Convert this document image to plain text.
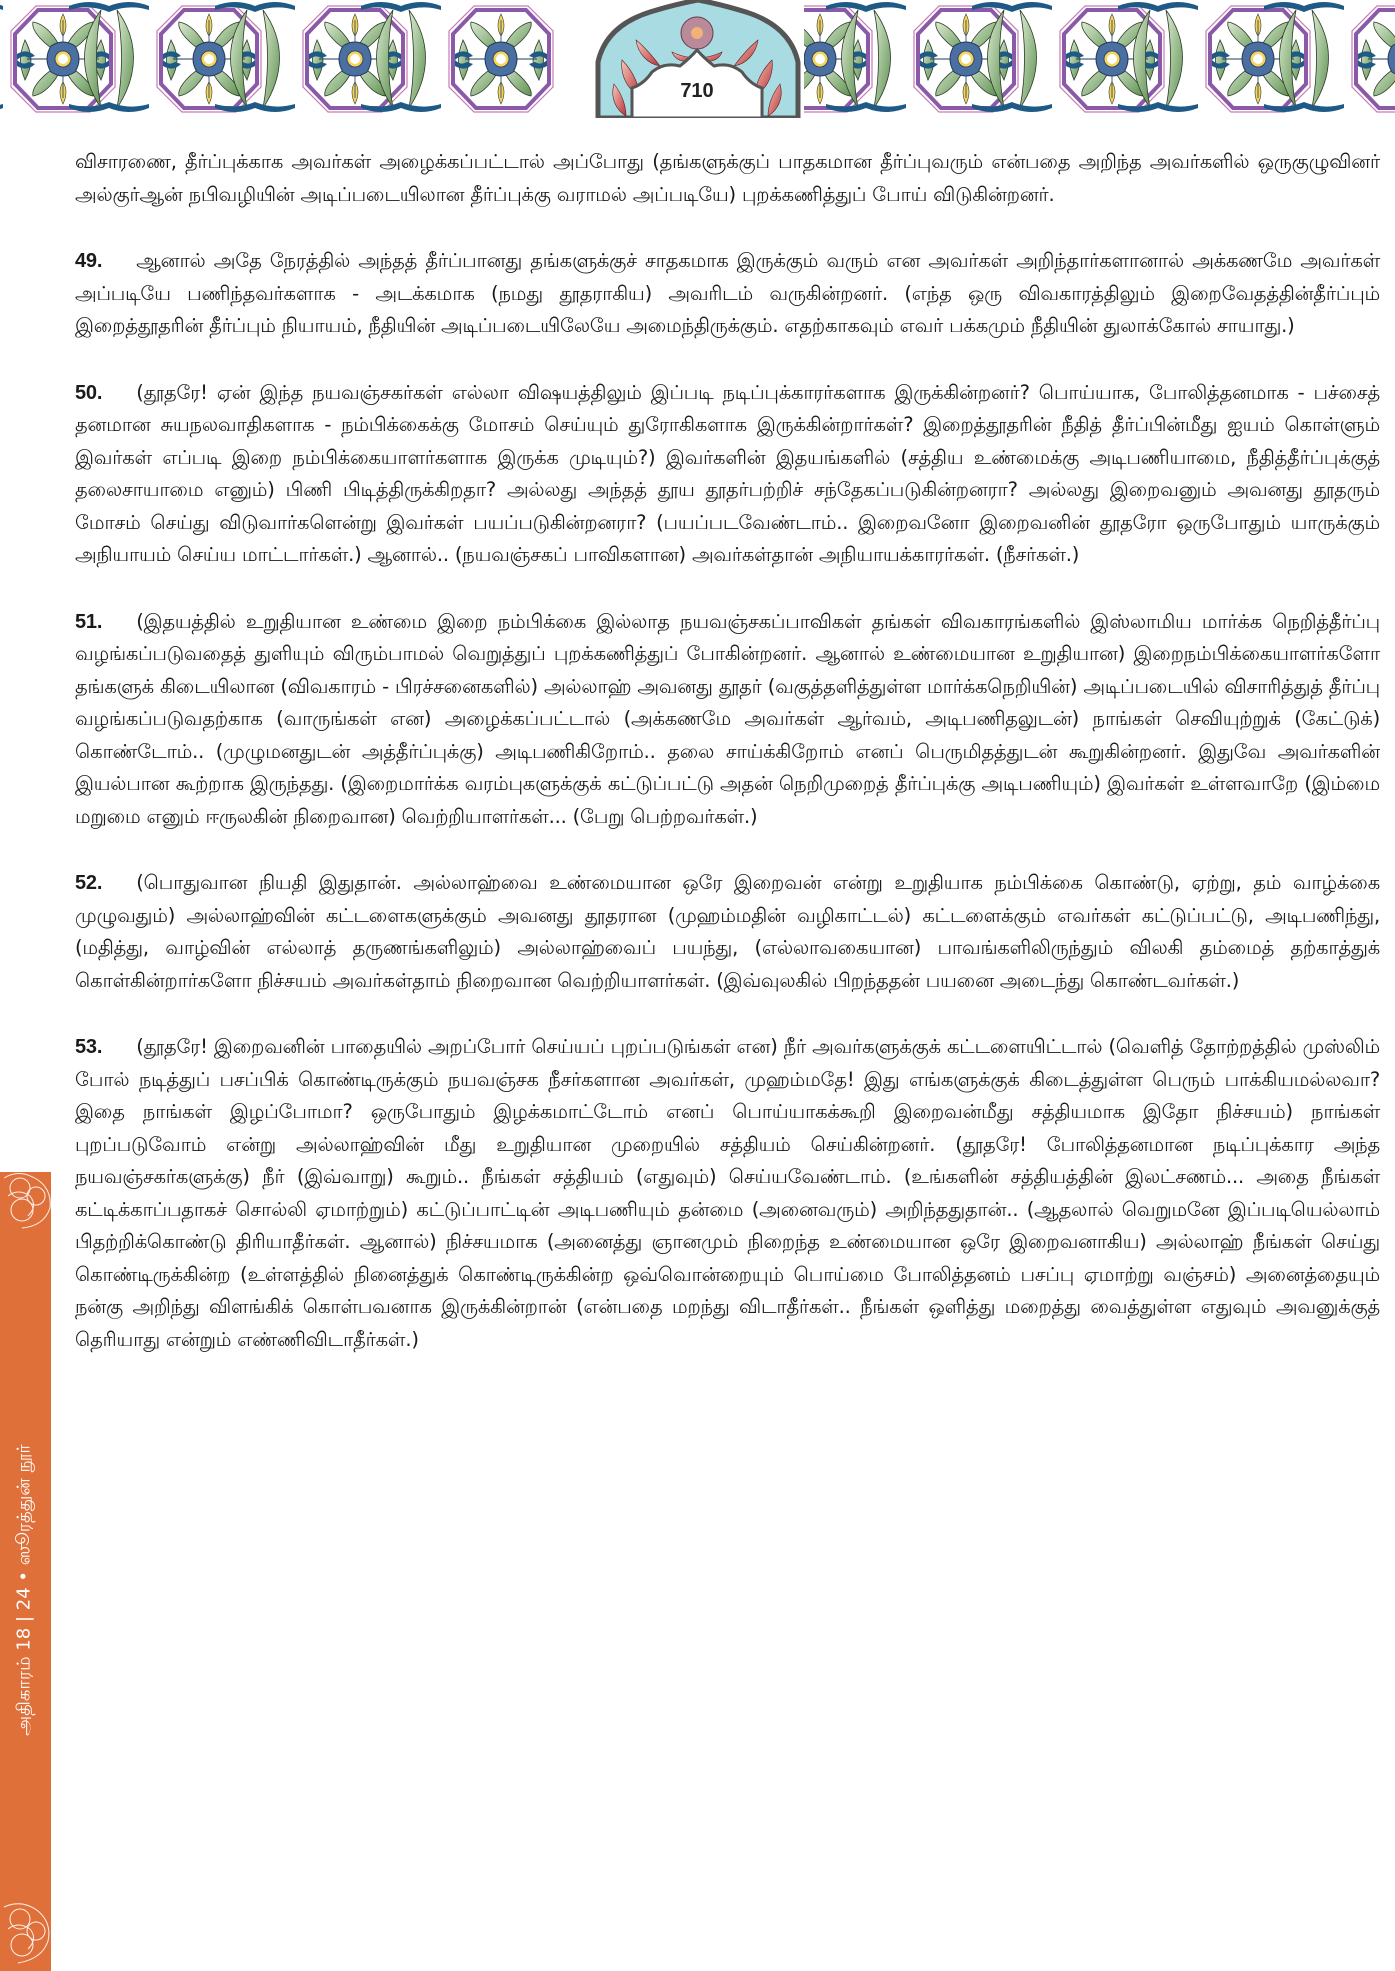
710

விசாரணை, தீர்ப்புக்காக அவர்கள் அழைக்கப்பட்டால் அப்போது (தங்களுக்குப் பாதகமான தீர்ப்புவரும் என்பதை அறிந்த அவர்களில் ஒருகுழுவினர் அல்குர்ஆன் நபிவழியின் அடிப்படையிலான தீர்ப்புக்கு வராமல் அப்படியே) புறக்கணித்துப் போய் விடுகின்றனர்.

49. ஆனால் அதே நேரத்தில் அந்தத் தீர்ப்பானது தங்களுக்குச் சாதகமாக இருக்கும் வரும் என அவர்கள் அறிந்தார்களானால் அக்கணமே அவர்கள் அப்படியே பணிந்தவர்களாக - அடக்கமாக (நமது தூதராகிய) அவரிடம் வருகின்றனர். (எந்த ஒரு விவகாரத்திலும் இறைவேதத்தின்தீர்ப்பும் இறைத்தூதரின் தீர்ப்பும் நியாயம், நீதியின் அடிப்படையிலேயே அமைந்திருக்கும். எதற்காகவும் எவர் பக்கமும் நீதியின் துலாக்கோல் சாயாது.)

50. (தூதரே! ஏன் இந்த நயவஞ்சகர்கள் எல்லா விஷயத்திலும் இப்படி நடிப்புக்காரர்களாக இருக்கின்றனர்? பொய்யாக, போலித்தனமாக - பச்சைத் தனமான சுயநலவாதிகளாக - நம்பிக்கைக்கு மோசம் செய்யும் துரோகிகளாக இருக்கின்றார்கள்? இறைத்தூதரின் நீதித் தீர்ப்பின்மீது ஐயம் கொள்ளும் இவர்கள் எப்படி இறை நம்பிக்கையாளர்களாக இருக்க முடியும்?) இவர்களின் இதயங்களில் (சத்திய உண்மைக்கு அடிபணியாமை, நீதித்தீர்ப்புக்குத் தலைசாயாமை எனும்) பிணி பிடித்திருக்கிறதா? அல்லது அந்தத் தூய தூதர்பற்றிச் சந்தேகப்படுகின்றனரா? அல்லது இறைவனும் அவனது தூதரும் மோசம் செய்து விடுவார்களென்று இவர்கள் பயப்படுகின்றனரா? (பயப்படவேண்டாம்.. இறைவனோ இறைவனின் தூதரோ ஒருபோதும் யாருக்கும் அநியாயம் செய்ய மாட்டார்கள்.) ஆனால்.. (நயவஞ்சகப் பாவிகளான) அவர்கள்தான் அநியாயக்காரர்கள். (நீசர்கள்.)

51. (இதயத்தில் உறுதியான உண்மை இறை நம்பிக்கை இல்லாத நயவஞ்சகப்பாவிகள் தங்கள் விவகாரங்களில் இஸ்லாமிய மார்க்க நெறித்தீர்ப்பு வழங்கப்படுவதைத் துளியும் விரும்பாமல் வெறுத்துப் புறக்கணித்துப் போகின்றனர். ஆனால் உண்மையான உறுதியான) இறைநம்பிக்கையாளர்களோ தங்களுக் கிடையிலான (விவகாரம் - பிரச்சனைகளில்) அல்லாஹ் அவனது தூதர் (வகுத்தளித்துள்ள மார்க்கநெறியின்) அடிப்படையில் விசாரித்துத் தீர்ப்பு வழங்கப்படுவதற்காக (வாருங்கள் என) அழைக்கப்பட்டால் (அக்கணமே அவர்கள் ஆர்வம், அடிபணிதலுடன்) நாங்கள் செவியுற்றுக் (கேட்டுக்) கொண்டோம்.. (முழுமனதுடன் அத்தீர்ப்புக்கு) அடிபணிகிறோம்.. தலை சாய்க்கிறோம் எனப் பெருமிதத்துடன் கூறுகின்றனர். இதுவே அவர்களின் இயல்பான கூற்றாக இருந்தது. (இறைமார்க்க வரம்புகளுக்குக் கட்டுப்பட்டு அதன் நெறிமுறைத் தீர்ப்புக்கு அடிபணியும்) இவர்கள் உள்ளவாறே (இம்மை மறுமை எனும் ஈருலகின் நிறைவான) வெற்றியாளர்கள்... (பேறு பெற்றவர்கள்.)

52. (பொதுவான நியதி இதுதான். அல்லாஹ்வை உண்மையான ஒரே இறைவன் என்று உறுதியாக நம்பிக்கை கொண்டு, ஏற்று, தம் வாழ்க்கை முழுவதும்) அல்லாஹ்வின் கட்டளைகளுக்கும் அவனது தூதரான (முஹம்மதின் வழிகாட்டல்) கட்டளைக்கும் எவர்கள் கட்டுப்பட்டு, அடிபணிந்து, (மதித்து, வாழ்வின் எல்லாத் தருணங்களிலும்) அல்லாஹ்வைப் பயந்து, (எல்லாவகையான) பாவங்களிலிருந்தும் விலகி தம்மைத் தற்காத்துக் கொள்கின்றார்களோ நிச்சயம் அவர்கள்தாம் நிறைவான வெற்றியாளர்கள். (இவ்வுலகில் பிறந்ததன் பயனை அடைந்து கொண்டவர்கள்.)

53. (தூதரே! இறைவனின் பாதையில் அறப்போர் செய்யப் புறப்படுங்கள் என) நீர் அவர்களுக்குக் கட்டளையிட்டால் (வெளித் தோற்றத்தில் முஸ்லிம் போல் நடித்துப் பசப்பிக் கொண்டிருக்கும் நயவஞ்சக நீசர்களான அவர்கள், முஹம்மதே! இது எங்களுக்குக் கிடைத்துள்ள பெரும் பாக்கியமல்லவா? இதை நாங்கள் இழப்போமா? ஒருபோதும் இழக்கமாட்டோம் எனப் பொய்யாகக்கூறி இறைவன்மீது சத்தியமாக இதோ நிச்சயம்) நாங்கள் புறப்படுவோம் என்று அல்லாஹ்வின் மீது உறுதியான முறையில் சத்தியம் செய்கின்றனர். (தூதரே! போலித்தனமான நடிப்புக்கார அந்த நயவஞ்சகர்களுக்கு) நீர் (இவ்வாறு) கூறும்.. நீங்கள் சத்தியம் (எதுவும்) செய்யவேண்டாம். (உங்களின் சத்தியத்தின் இலட்சணம்... அதை நீங்கள் கட்டிக்காப்பதாகச் சொல்லி ஏமாற்றும்) கட்டுப்பாட்டின் அடிபணியும் தன்மை (அனைவரும்) அறிந்ததுதான்.. (ஆதலால் வெறுமனே இப்படியெல்லாம் பிதற்றிக்கொண்டு திரியாதீர்கள். ஆனால்) நிச்சயமாக (அனைத்து ஞானமும் நிறைந்த உண்மையான ஒரே இறைவனாகிய) அல்லாஹ் நீங்கள் செய்து கொண்டிருக்கின்ற (உள்ளத்தில் நினைத்துக் கொண்டிருக்கின்ற ஒவ்வொன்றையும் பொய்மை போலித்தனம் பசப்பு ஏமாற்று வஞ்சம்) அனைத்தையும் நன்கு அறிந்து விளங்கிக் கொள்பவனாக இருக்கின்றான் (என்பதை மறந்து விடாதீர்கள்.. நீங்கள் ஒளித்து மறைத்து வைத்துள்ள எதுவும் அவனுக்குத் தெரியாது என்றும் எண்ணிவிடாதீர்கள்.)

அதிகாரம் 18 | 24 • ஸூரத்துன் நூர்
